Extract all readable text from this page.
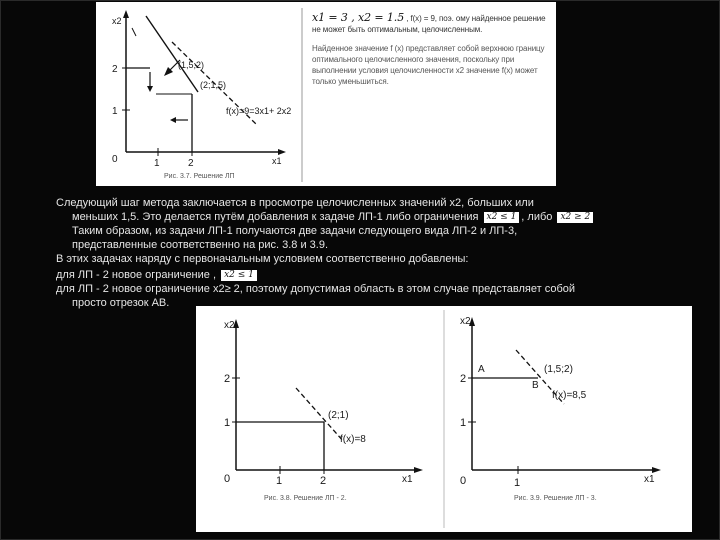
x2
x1
0	1	2
1
2	(1,5;2)
(2;1,5)
f(x)=9=3x1+ 2x2
Рис. 3.7. Решение ЛП

x1 = 3 , x2 = 1.5 , f(x) = 9, поэ. ому найденное решение не может быть оптимальным, целочисленным.

Найденное значение f (x) представляет собой верхнюю границу оптимального целочисленного значения, поскольку при выполнении условия целочисленности x2 значение f(x) может только уменьшиться.

Следующий шаг метода заключается в просмотре целочисленных значений x2, больших или

меньших 1,5. Это делается путём добавления к задаче ЛП-1 либо ограничения x2 ≤ 1 , либо x2 ≥ 2

Таким образом, из задачи ЛП-1 получаются две задачи следующего вида ЛП-2 и ЛП-3,

представленные соответственно на рис. 3.8 и 3.9.

В этих задачах наряду с первоначальным условием соответственно добавлены:

для ЛП - 2 новое ограничение , x2 ≤ 1

для ЛП - 2 новое ограничение x2≥ 2, поэтому допустимая область в этом случае представляет собой

просто отрезок АВ.

x2
x1
0	1	2
1
2
(2;1)
f(x)=8
Рис. 3.8. Решение ЛП - 2.
x2
x1
0	1
1
2
A
B
(1,5;2)
f(x)=8,5
Рис. 3.9. Решение ЛП - 3.
